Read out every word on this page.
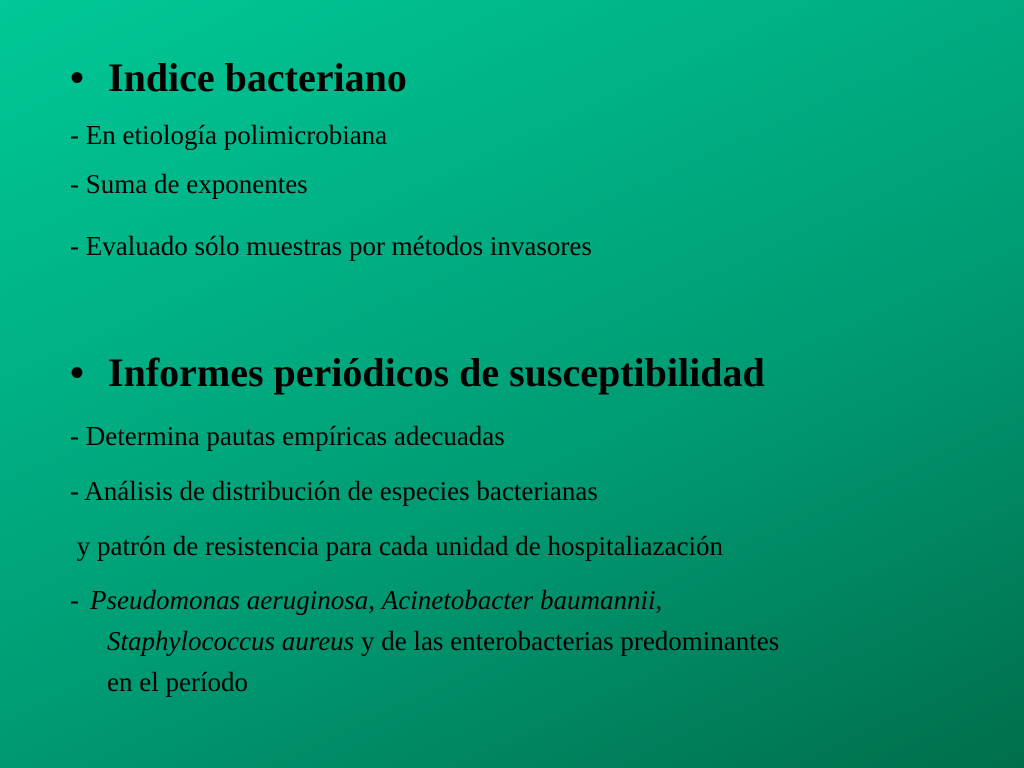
• Indice bacteriano
- En etiología polimicrobiana
- Suma de exponentes
- Evaluado sólo muestras por métodos invasores
• Informes periódicos de susceptibilidad
- Determina pautas empíricas adecuadas
- Análisis de distribución de especies bacterianas
y patrón de resistencia para cada unidad de hospitaliazación
- Pseudomonas aeruginosa, Acinetobacter baumannii,
Staphylococcus aureus y de las enterobacterias predominantes
en el período
